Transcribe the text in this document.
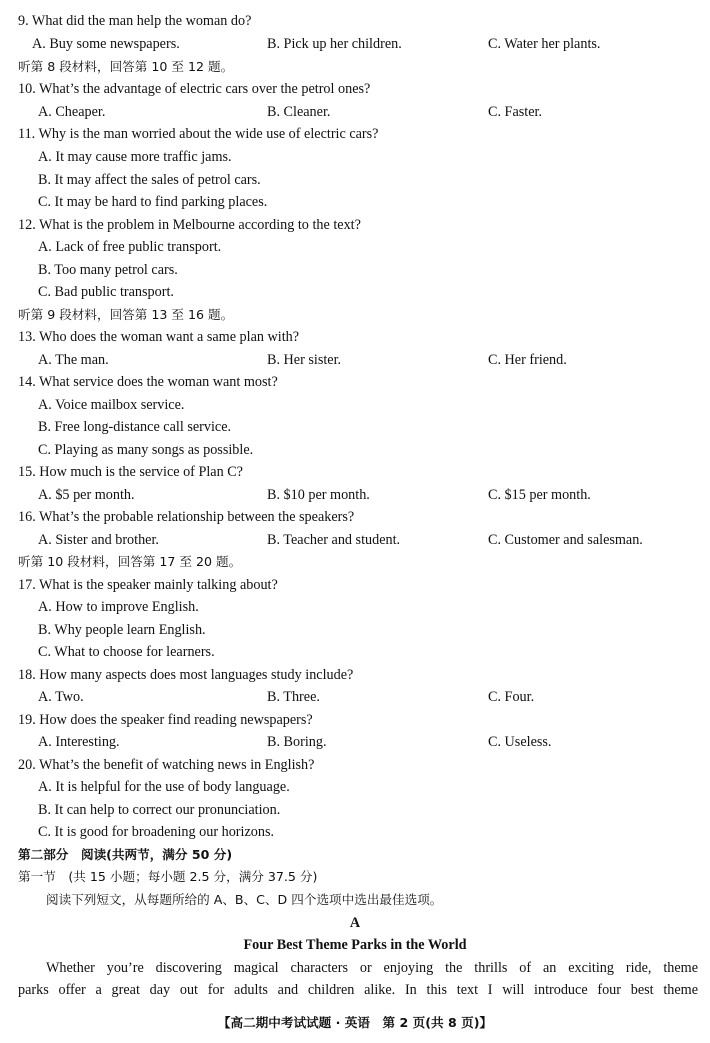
9. What did the man help the woman do?
A. Buy some newspapers.	B. Pick up her children.	C. Water her plants.
听第 8 段材料，回答第 10 至 12 题。
10. What’s the advantage of electric cars over the petrol ones?
A. Cheaper.	B. Cleaner.	C. Faster.
11. Why is the man worried about the wide use of electric cars?
A. It may cause more traffic jams.
B. It may affect the sales of petrol cars.
C. It may be hard to find parking places.
12. What is the problem in Melbourne according to the text?
A. Lack of free public transport.
B. Too many petrol cars.
C. Bad public transport.
听第 9 段材料，回答第 13 至 16 题。
13. Who does the woman want a same plan with?
A. The man.	B. Her sister.	C. Her friend.
14. What service does the woman want most?
A. Voice mailbox service.
B. Free long-distance call service.
C. Playing as many songs as possible.
15. How much is the service of Plan C?
A. $5 per month.	B. $10 per month.	C. $15 per month.
16. What’s the probable relationship between the speakers?
A. Sister and brother.	B. Teacher and student.	C. Customer and salesman.
听第 10 段材料，回答第 17 至 20 题。
17. What is the speaker mainly talking about?
A. How to improve English.
B. Why people learn English.
C. What to choose for learners.
18. How many aspects does most languages study include?
A. Two.	B. Three.	C. Four.
19. How does the speaker find reading newspapers?
A. Interesting.	B. Boring.	C. Useless.
20. What’s the benefit of watching news in English?
A. It is helpful for the use of body language.
B. It can help to correct our pronunciation.
C. It is good for broadening our horizons.
第二部分　阅读(共两节，满分 50 分)
第一节　(共 15 小题；每小题 2.5 分，满分 37.5 分)
阅读下列短文，从每题所给的 A、B、C、D 四个选项中选出最佳选项。
A
Four Best Theme Parks in the World
Whether you’re discovering magical characters or enjoying the thrills of an exciting ride, theme
parks offer a great day out for adults and children alike. In this text I will introduce four best theme
【高二期中考试试题 · 英语　第 2 页(共 8 页)】
